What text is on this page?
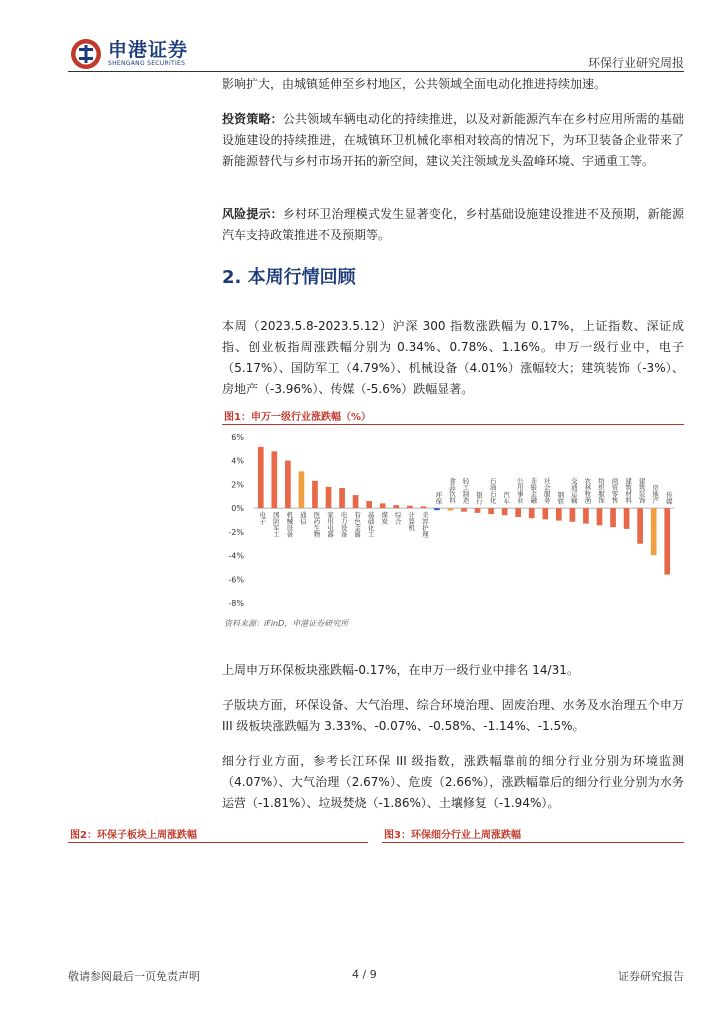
申港证券
SHENGANG SECURITIES	环保行业研究周报
影响扩大，由城镇延伸至乡村地区，公共领域全面电动化推进持续加速。
投资策略：公共领域车辆电动化的持续推进，以及对新能源汽车在乡村应用所需的基础设施建设的持续推进，在城镇环卫机械化率相对较高的情况下，为环卫装备企业带来了新能源替代与乡村市场开拓的新空间，建议关注领域龙头盈峰环境、宇通重工等。
风险提示：乡村环卫治理模式发生显著变化，乡村基础设施建设推进不及预期，新能源汽车支持政策推进不及预期等。
2. 本周行情回顾
本周（2023.5.8-2023.5.12）沪深 300 指数涨跌幅为 0.17%，上证指数、深证成指、创业板指周涨跌幅分别为 0.34%、0.78%、1.16%。申万一级行业中，电子（5.17%）、国防军工（4.79%）、机械设备（4.01%）涨幅较大；建筑装饰（-3%）、房地产（-3.96%）、传媒（-5.6%）跌幅显著。
图1：申万一级行业涨跌幅（%）
6%
4%
2%
0%
-2%
-4%
-6%
-8%
电子 国防军工 机械设备 通信 医药生物 家用电器 电力设备 有色金属 基础化工 煤炭 综合 计算机 美容护理
环保 食品饮料 轻工制造 银行 石油石化 汽车 公用事业 非银金融 社会服务 钢铁 交通运输 农林牧渔 纺织服饰 商贸零售 建筑材料 建筑装饰 房地产 传媒
资料来源：iFinD，申港证券研究所
上周申万环保板块涨跌幅-0.17%，在申万一级行业中排名 14/31。
子版块方面，环保设备、大气治理、综合环境治理、固废治理、水务及水治理五个申万 III 级板块涨跌幅为 3.33%、-0.07%、-0.58%、-1.14%、-1.5%。
细分行业方面，参考长江环保 III 级指数，涨跌幅靠前的细分行业分别为环境监测（4.07%）、大气治理（2.67%）、危废（2.66%），涨跌幅靠后的细分行业分别为水务运营（-1.81%）、垃圾焚烧（-1.86%）、土壤修复（-1.94%）。
图2：环保子板块上周涨跌幅	图3：环保细分行业上周涨跌幅
敬请参阅最后一页免责声明	4 / 9	证券研究报告
